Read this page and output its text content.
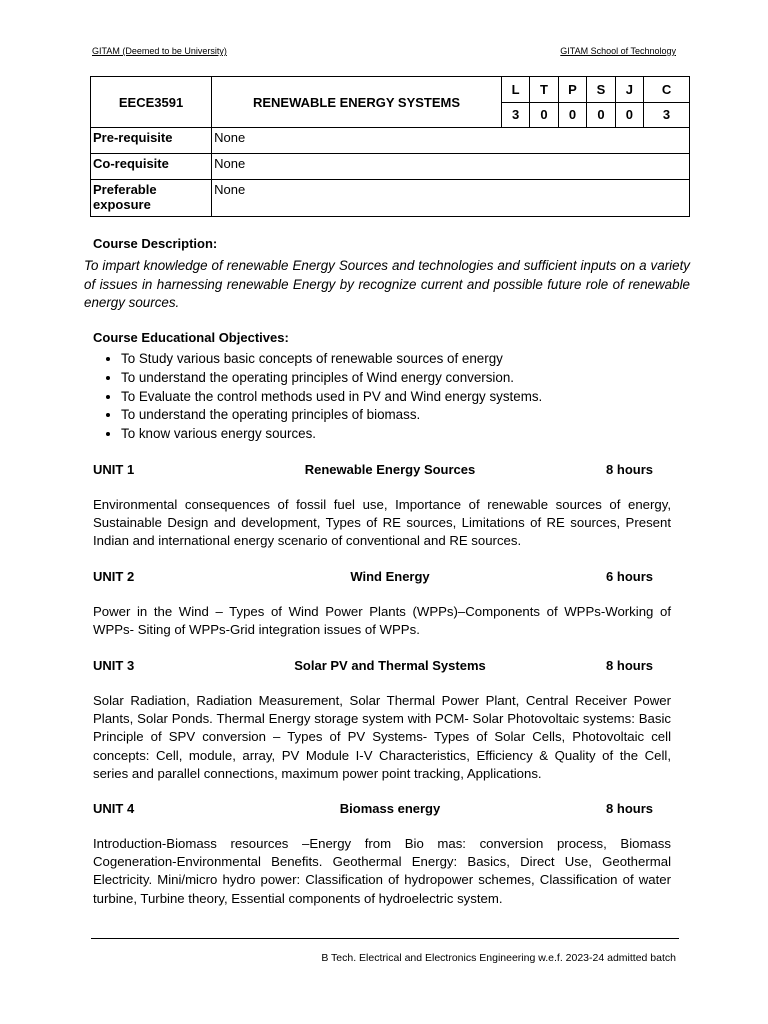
GITAM (Deemed to be University)	GITAM School of Technology
EECE3591	RENEWABLE ENERGY SYSTEMS	L	T	P	S	J	C
		3	0	0	0	0	3
Pre-requisite	None						
Co-requisite	None						
Preferable exposure	None						
Course Description:
To impart knowledge of renewable Energy Sources and technologies and sufficient inputs on a variety of issues in harnessing renewable Energy by recognize current and possible future role of renewable energy sources.
Course Educational Objectives:
• To Study various basic concepts of renewable sources of energy
• To understand the operating principles of Wind energy conversion.
• To Evaluate the control methods used in PV and Wind energy systems.
• To understand the operating principles of biomass.
• To know various energy sources.
UNIT 1	Renewable Energy Sources	8 hours
Environmental consequences of fossil fuel use, Importance of renewable sources of energy, Sustainable Design and development, Types of RE sources, Limitations of RE sources, Present Indian and international energy scenario of conventional and RE sources.
UNIT 2	Wind Energy	6 hours
Power in the Wind – Types of Wind Power Plants (WPPs)–Components of WPPs-Working of WPPs- Siting of WPPs-Grid integration issues of WPPs.
UNIT 3	Solar PV and Thermal Systems	8 hours
Solar Radiation, Radiation Measurement, Solar Thermal Power Plant, Central Receiver Power Plants, Solar Ponds. Thermal Energy storage system with PCM- Solar Photovoltaic systems: Basic Principle of SPV conversion – Types of PV Systems- Types of Solar Cells, Photovoltaic cell concepts: Cell, module, array, PV Module I-V Characteristics, Efficiency & Quality of the Cell, series and parallel connections, maximum power point tracking, Applications.
UNIT 4	Biomass energy	8 hours
Introduction-Biomass resources –Energy from Bio mas: conversion process, Biomass Cogeneration-Environmental Benefits. Geothermal Energy: Basics, Direct Use, Geothermal Electricity. Mini/micro hydro power: Classification of hydropower schemes, Classification of water turbine, Turbine theory, Essential components of hydroelectric system.
B Tech. Electrical and Electronics Engineering w.e.f. 2023-24 admitted batch
